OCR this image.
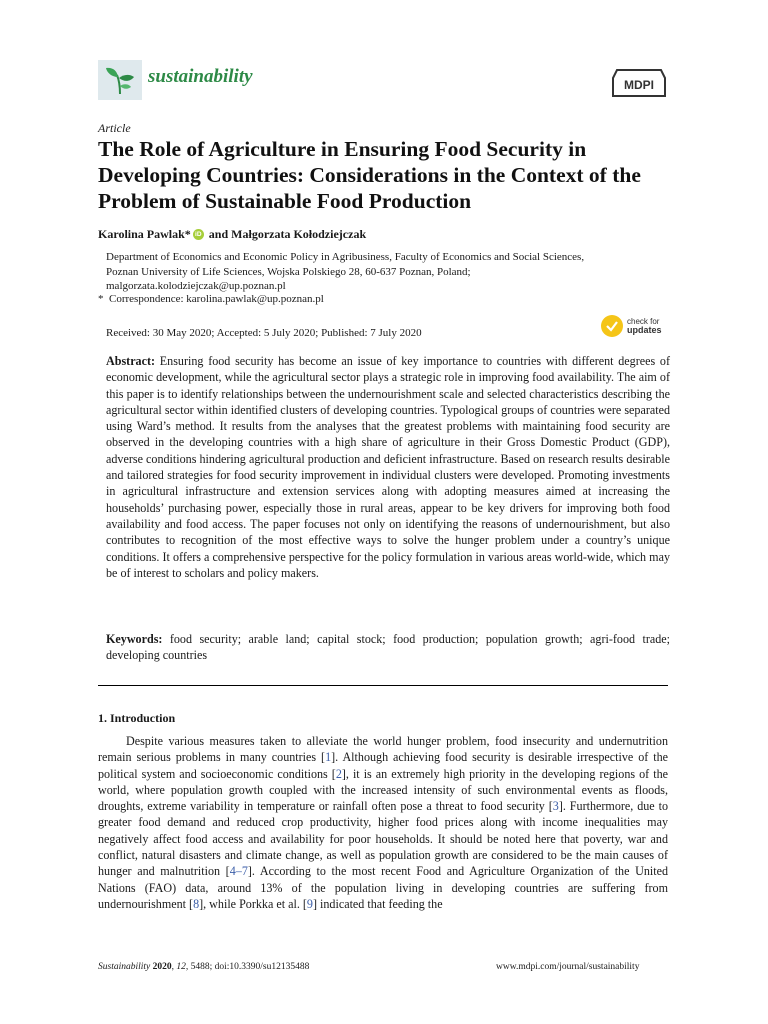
sustainability	MDPI
Article
The Role of Agriculture in Ensuring Food Security in Developing Countries: Considerations in the Context of the Problem of Sustainable Food Production
Karolina Pawlak * iD and Małgorzata Kołodziejczak
Department of Economics and Economic Policy in Agribusiness, Faculty of Economics and Social Sciences,
Poznan University of Life Sciences, Wojska Polskiego 28, 60-637 Poznan, Poland;
malgorzata.kolodziejczak@up.poznan.pl
* Correspondence: karolina.pawlak@up.poznan.pl
Received: 30 May 2020; Accepted: 5 July 2020; Published: 7 July 2020
check for
updates
Abstract: Ensuring food security has become an issue of key importance to countries with different degrees of economic development, while the agricultural sector plays a strategic role in improving food availability. The aim of this paper is to identify relationships between the undernourishment scale and selected characteristics describing the agricultural sector within identified clusters of developing countries. Typological groups of countries were separated using Ward’s method. It results from the analyses that the greatest problems with maintaining food security are observed in the developing countries with a high share of agriculture in their Gross Domestic Product (GDP), adverse conditions hindering agricultural production and deficient infrastructure. Based on research results desirable and tailored strategies for food security improvement in individual clusters were developed. Promoting investments in agricultural infrastructure and extension services along with adopting measures aimed at increasing the households’ purchasing power, especially those in rural areas, appear to be key drivers for improving both food availability and food access. The paper focuses not only on identifying the reasons of undernourishment, but also contributes to recognition of the most effective ways to solve the hunger problem under a country’s unique conditions. It offers a comprehensive perspective for the policy formulation in various areas world-wide, which may be of interest to scholars and policy makers.
Keywords: food security; arable land; capital stock; food production; population growth; agri-food trade; developing countries
1. Introduction
Despite various measures taken to alleviate the world hunger problem, food insecurity and undernutrition remain serious problems in many countries [1]. Although achieving food security is desirable irrespective of the political system and socioeconomic conditions [2], it is an extremely high priority in the developing regions of the world, where population growth coupled with the increased intensity of such environmental events as floods, droughts, extreme variability in temperature or rainfall often pose a threat to food security [3]. Furthermore, due to greater food demand and reduced crop productivity, higher food prices along with income inequalities may negatively affect food access and availability for poor households. It should be noted here that poverty, war and conflict, natural disasters and climate change, as well as population growth are considered to be the main causes of hunger and malnutrition [4–7]. According to the most recent Food and Agriculture Organization of the United Nations (FAO) data, around 13% of the population living in developing countries are suffering from undernourishment [8], while Porkka et al. [9] indicated that feeding the
Sustainability 2020, 12, 5488; doi:10.3390/su12135488	www.mdpi.com/journal/sustainability
